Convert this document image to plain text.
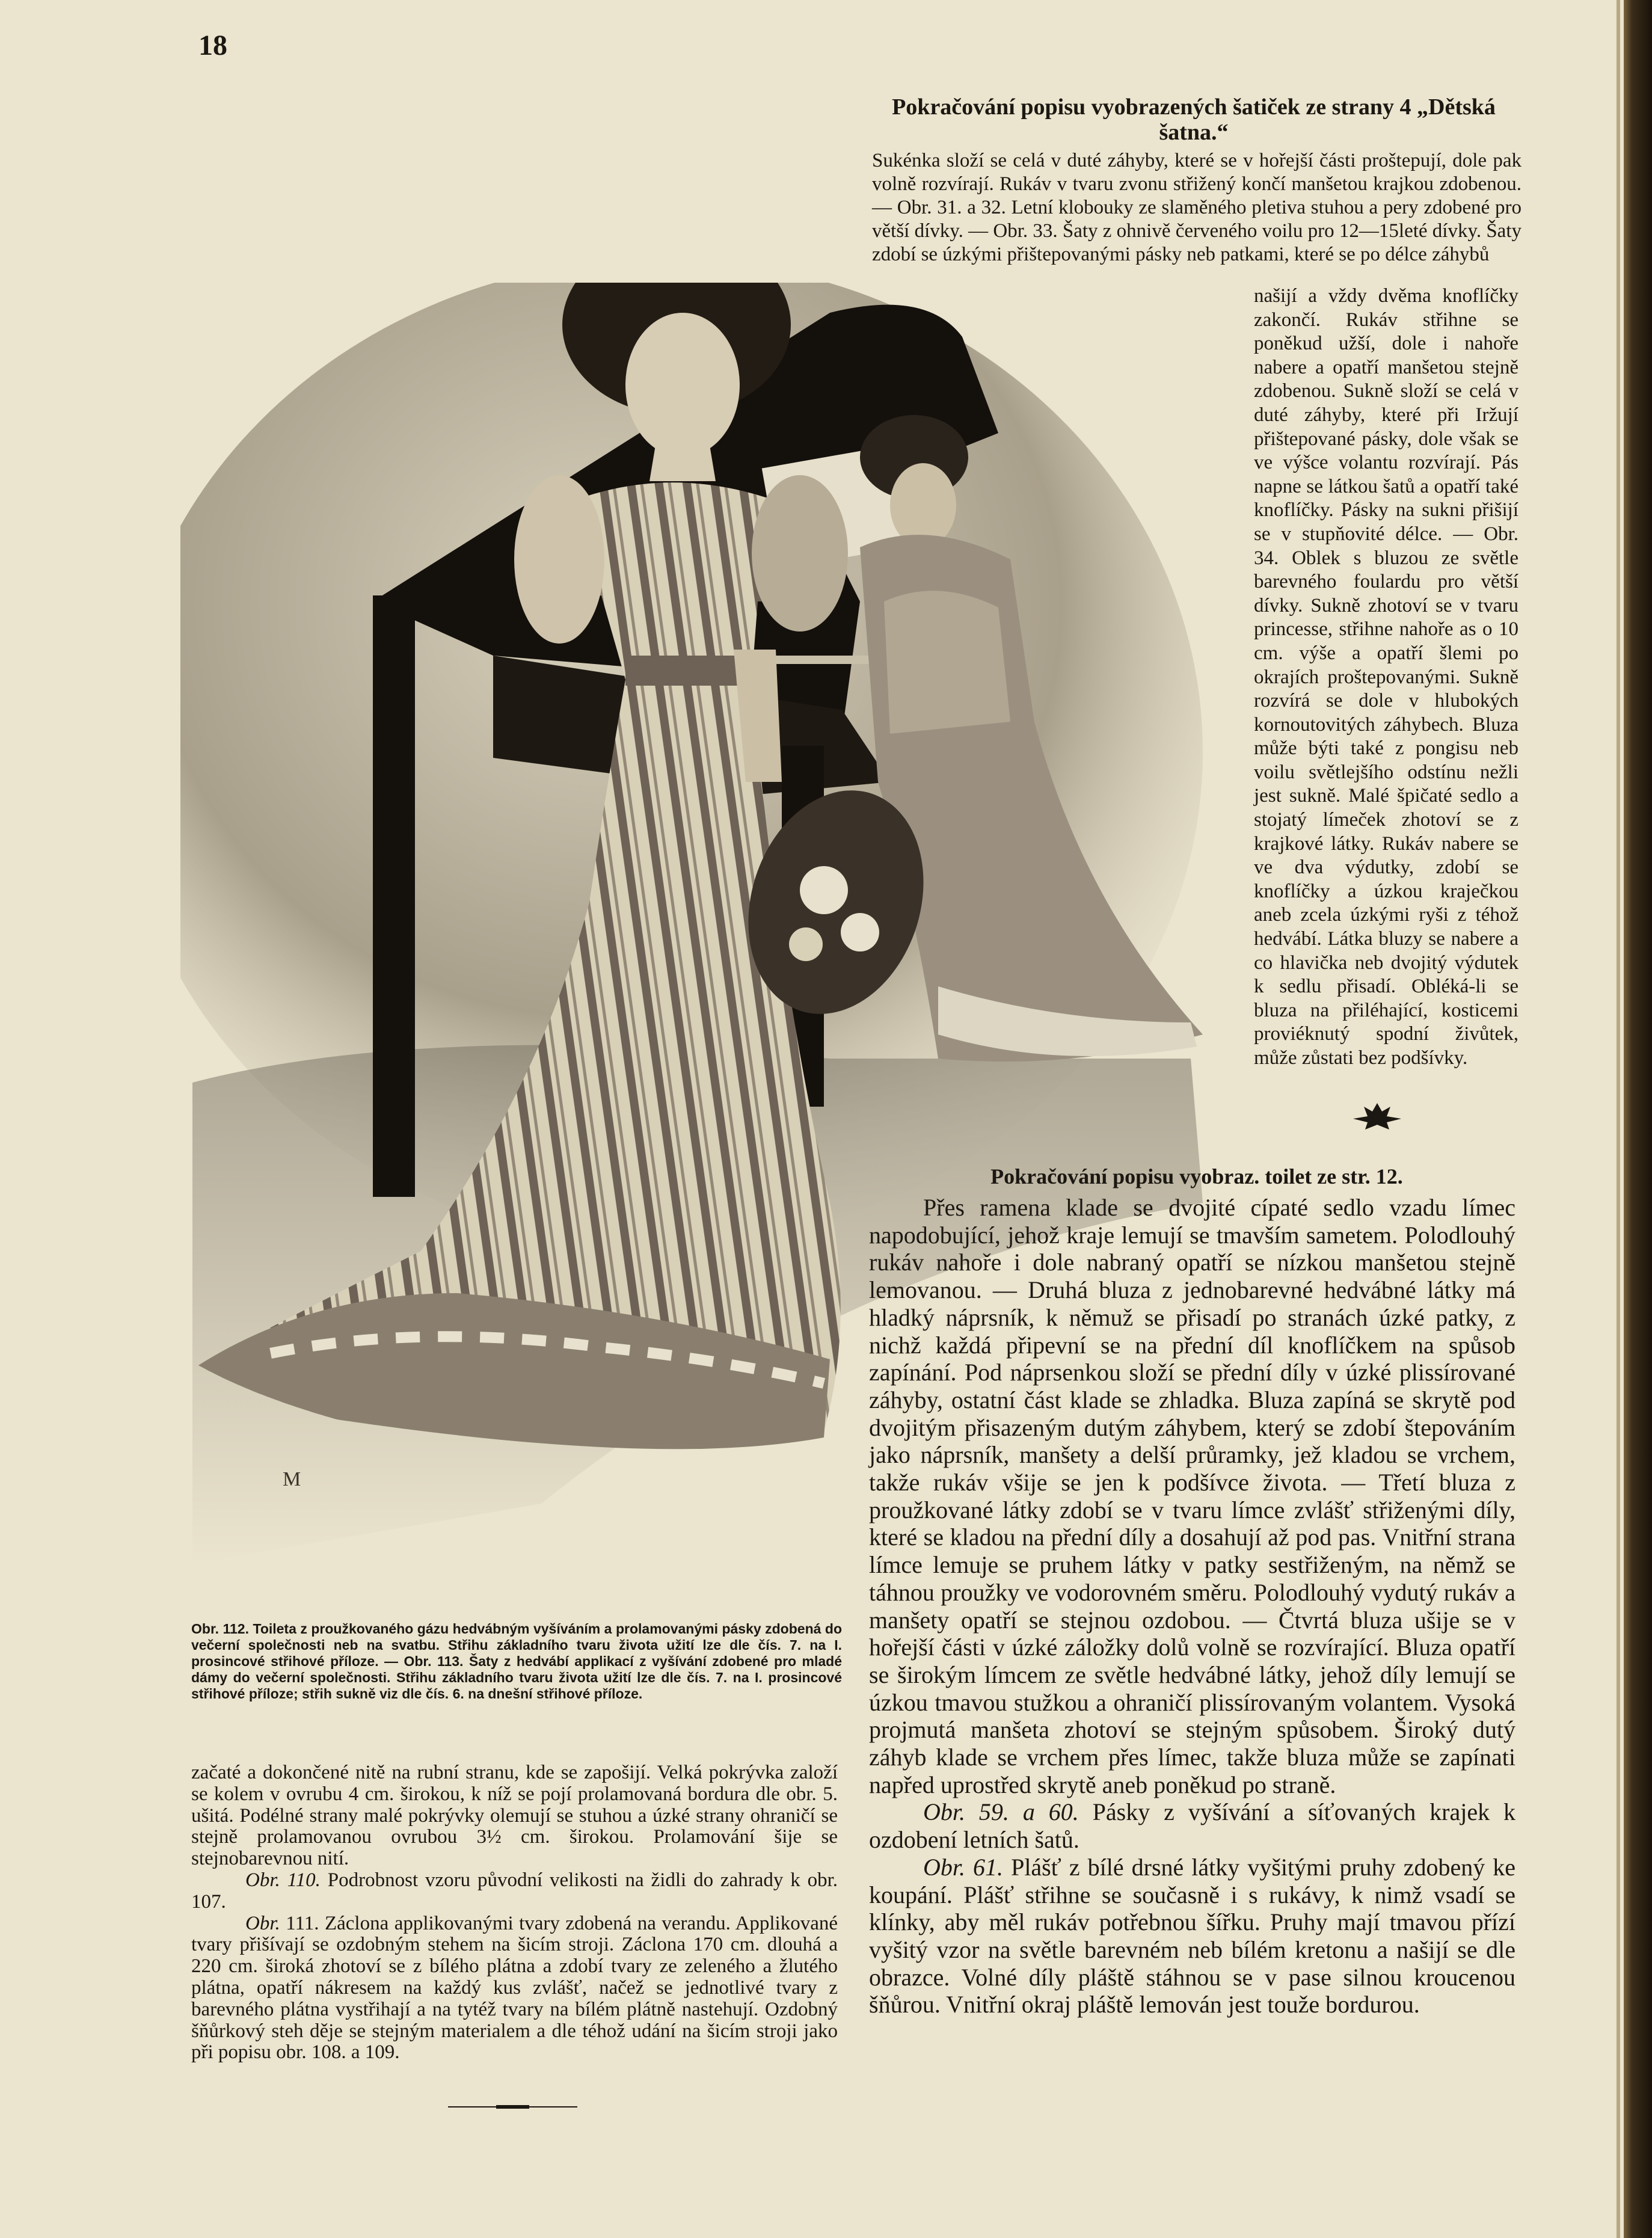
18
M
Pokračování popisu vyobrazených šatiček ze strany 4 „Dětská šatna.“
Sukénka složí se celá v duté záhyby, které se v hořejší části proštepují, dole pak volně rozvírají. Rukáv v tvaru zvonu střižený končí manšetou krajkou zdobenou. — Obr. 31. a 32. Letní klobouky ze slaměného pletiva stuhou a pery zdobené pro větší dívky. — Obr. 33. Šaty z ohnivě červeného voilu pro 12—15leté dívky. Šaty zdobí se úzkými přištepovanými pásky neb patkami, které se po délce záhybů

našijí a vždy dvěma knoflíčky zakončí. Rukáv střihne se poněkud užší, dole i nahoře nabere a opatří manšetou stejně zdobenou. Sukně složí se celá v duté záhyby, které při Iržují přištepované pásky, dole však se ve výšce volantu rozvírají. Pás napne se látkou šatů a opatří také knoflíčky. Pásky na sukni přišijí se v stupňovité délce. — Obr. 34. Oblek s bluzou ze světle barevného foulardu pro větší dívky. Sukně zhotoví se v tvaru princesse, střihne nahoře as o 10 cm. výše a opatří šlemi po okrajích proštepovanými. Sukně rozvírá se dole v hlubokých kornoutovitých záhybech. Bluza může býti také z pongisu neb voilu světlejšího odstínu nežli jest sukně. Malé špičaté sedlo a stojatý límeček zhotoví se z krajkové látky. Rukáv nabere se ve dva výdutky, zdobí se knoflíčky a úzkou kraječkou aneb zcela úzkými ryši z téhož hedvábí. Látka bluzy se nabere a co hlavička neb dvojitý výdutek k sedlu přisadí. Obléká-li se bluza na přiléhající, kosticemi proviéknutý spodní živůtek, může zůstati bez podšívky.

Pokračování popisu vyobraz. toilet ze str. 12.

Přes ramena klade se dvojité cípaté sedlo vzadu límec napodobující, jehož kraje lemují se tmavším sametem. Polodlouhý rukáv nahoře i dole nabraný opatří se nízkou manšetou stejně lemovanou. — Druhá bluza z jednobarevné hedvábné látky má hladký náprsník, k němuž se přisadí po stranách úzké patky, z nichž každá připevní se na přední díl knoflíčkem na spůsob zapínání. Pod náprsenkou složí se přední díly v úzké plissírované záhyby, ostatní část klade se zhladka. Bluza zapíná se skrytě pod dvojitým přisazeným dutým záhybem, který se zdobí štepováním jako náprsník, manšety a delší průramky, jež kladou se vrchem, takže rukáv všije se jen k podšívce života. — Třetí bluza z proužkované látky zdobí se v tvaru límce zvlášť střiženými díly, které se kladou na přední díly a dosahují až pod pas. Vnitřní strana límce lemuje se pruhem látky v patky sestřiženým, na němž se táhnou proužky ve vodorovném směru. Polodlouhý vydutý rukáv a manšety opatří se stejnou ozdobou. — Čtvrtá bluza ušije se v hořejší části v úzké záložky dolů volně se rozvírající. Bluza opatří se širokým límcem ze světle hedvábné látky, jehož díly lemují se úzkou tmavou stužkou a ohraničí plissírovaným volantem. Vysoká projmutá manšeta zhotoví se stejným spůsobem. Široký dutý záhyb klade se vrchem přes límec, takže bluza může se zapínati napřed uprostřed skrytě aneb poněkud po straně.

Obr. 59. a 60. Pásky z vyšívání a síťovaných krajek k ozdobení letních šatů.

Obr. 61. Plášť z bílé drsné látky vyšitými pruhy zdobený ke koupání. Plášť střihne se současně i s rukávy, k nimž vsadí se klínky, aby měl rukáv potřebnou šířku. Pruhy mají tmavou přízí vyšitý vzor na světle barevném neb bílém kretonu a našijí se dle obrazce. Volné díly pláště stáhnou se v pase silnou kroucenou šňůrou. Vnitřní okraj pláště lemován jest touže bordurou.

Obr. 112. Toileta z proužkovaného gázu hedvábným vyšíváním a prolamovanými pásky zdobená do večerní společnosti neb na svatbu. Střihu základního tvaru života užití lze dle čís. 7. na I. prosincové střihové příloze. — Obr. 113. Šaty z hedvábí applikací z vyšívání zdobené pro mladé dámy do večerní společnosti. Střihu základního tvaru života užití lze dle čís. 7. na I. prosincové střihové příloze; střih sukně viz dle čís. 6. na dnešní střihové příloze.

začaté a dokončené nitě na rubní stranu, kde se zapošijí. Velká pokrývka založí se kolem v ovrubu 4 cm. širokou, k níž se pojí prolamovaná bordura dle obr. 5. ušitá. Podélné strany malé pokrývky olemují se stuhou a úzké strany ohraničí se stejně prolamovanou ovrubou 3½ cm. širokou. Prolamování šije se stejnobarevnou nití.

Obr. 110. Podrobnost vzoru původní velikosti na židli do zahrady k obr. 107.

Obr. 111. Záclona applikovanými tvary zdobená na verandu. Applikované tvary přišívají se ozdobným stehem na šicím stroji. Záclona 170 cm. dlouhá a 220 cm. široká zhotoví se z bílého plátna a zdobí tvary ze zeleného a žlutého plátna, opatří nákresem na každý kus zvlášť, načež se jednotlivé tvary z barevného plátna vystřihají a na tytéž tvary na bílém plátně nastehují. Ozdobný šňůrkový steh děje se stejným materialem a dle téhož udání na šicím stroji jako při popisu obr. 108. a 109.
